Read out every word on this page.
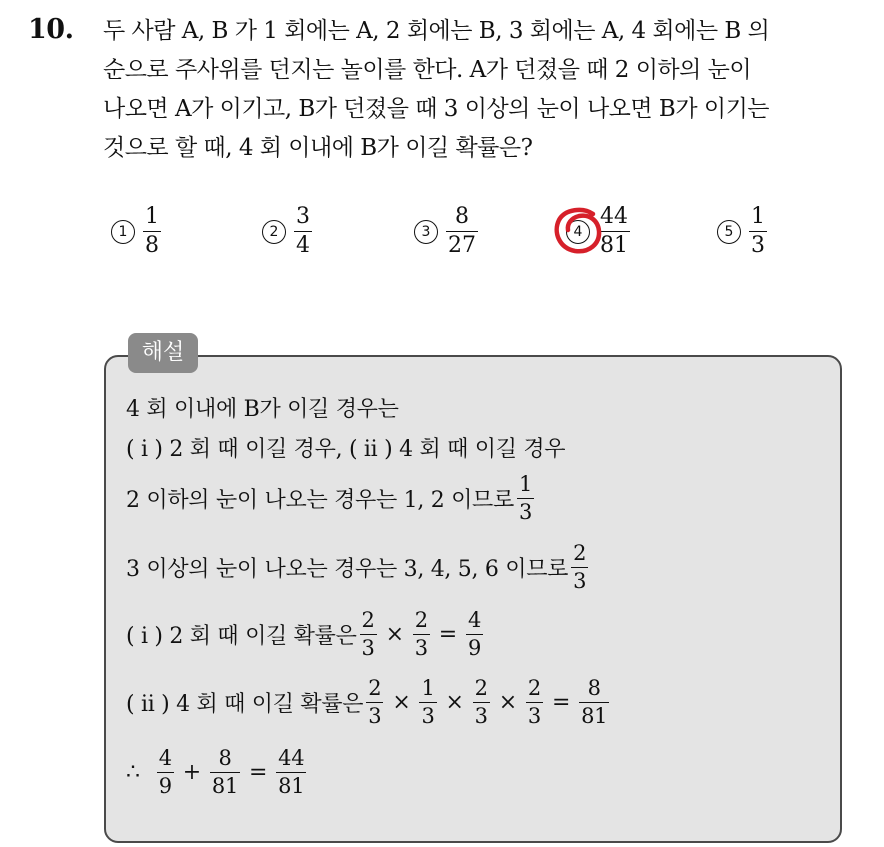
10. 두 사람 A, B 가 1 회에는 A, 2 회에는 B, 3 회에는 A, 4 회에는 B 의
순으로 주사위를 던지는 놀이를 한다. A가 던졌을 때 2 이하의 눈이
나오면 A가 이기고, B가 던졌을 때 3 이상의 눈이 나오면 B가 이기는
것으로 할 때, 4 회 이내에 B가 이길 확률은?
$1 \frac{1}{8}$	$2 \frac{3}{4}$	$3 \frac{8}{27}$	$4 \frac{44}{81}$	$5 \frac{1}{3}$
해설
4 회 이내에 B가 이길 경우는
( i ) 2 회 때 이길 경우, ( ii ) 4 회 때 이길 경우
2 이하의 눈이 나오는 경우는 1, 2 이므로 $\frac{1}{3}$
3 이상의 눈이 나오는 경우는 3, 4, 5, 6 이므로 $\frac{2}{3}$
( i ) 2 회 때 이길 확률은 $\frac{2}{3} \times \frac{2}{3} = \frac{4}{9}$
( ii ) 4 회 때 이길 확률은 $\frac{2}{3} \times \frac{1}{3} \times \frac{2}{3} \times \frac{2}{3} = \frac{8}{81}$
∴ $\frac{4}{9} + \frac{8}{81} = \frac{44}{81}$
